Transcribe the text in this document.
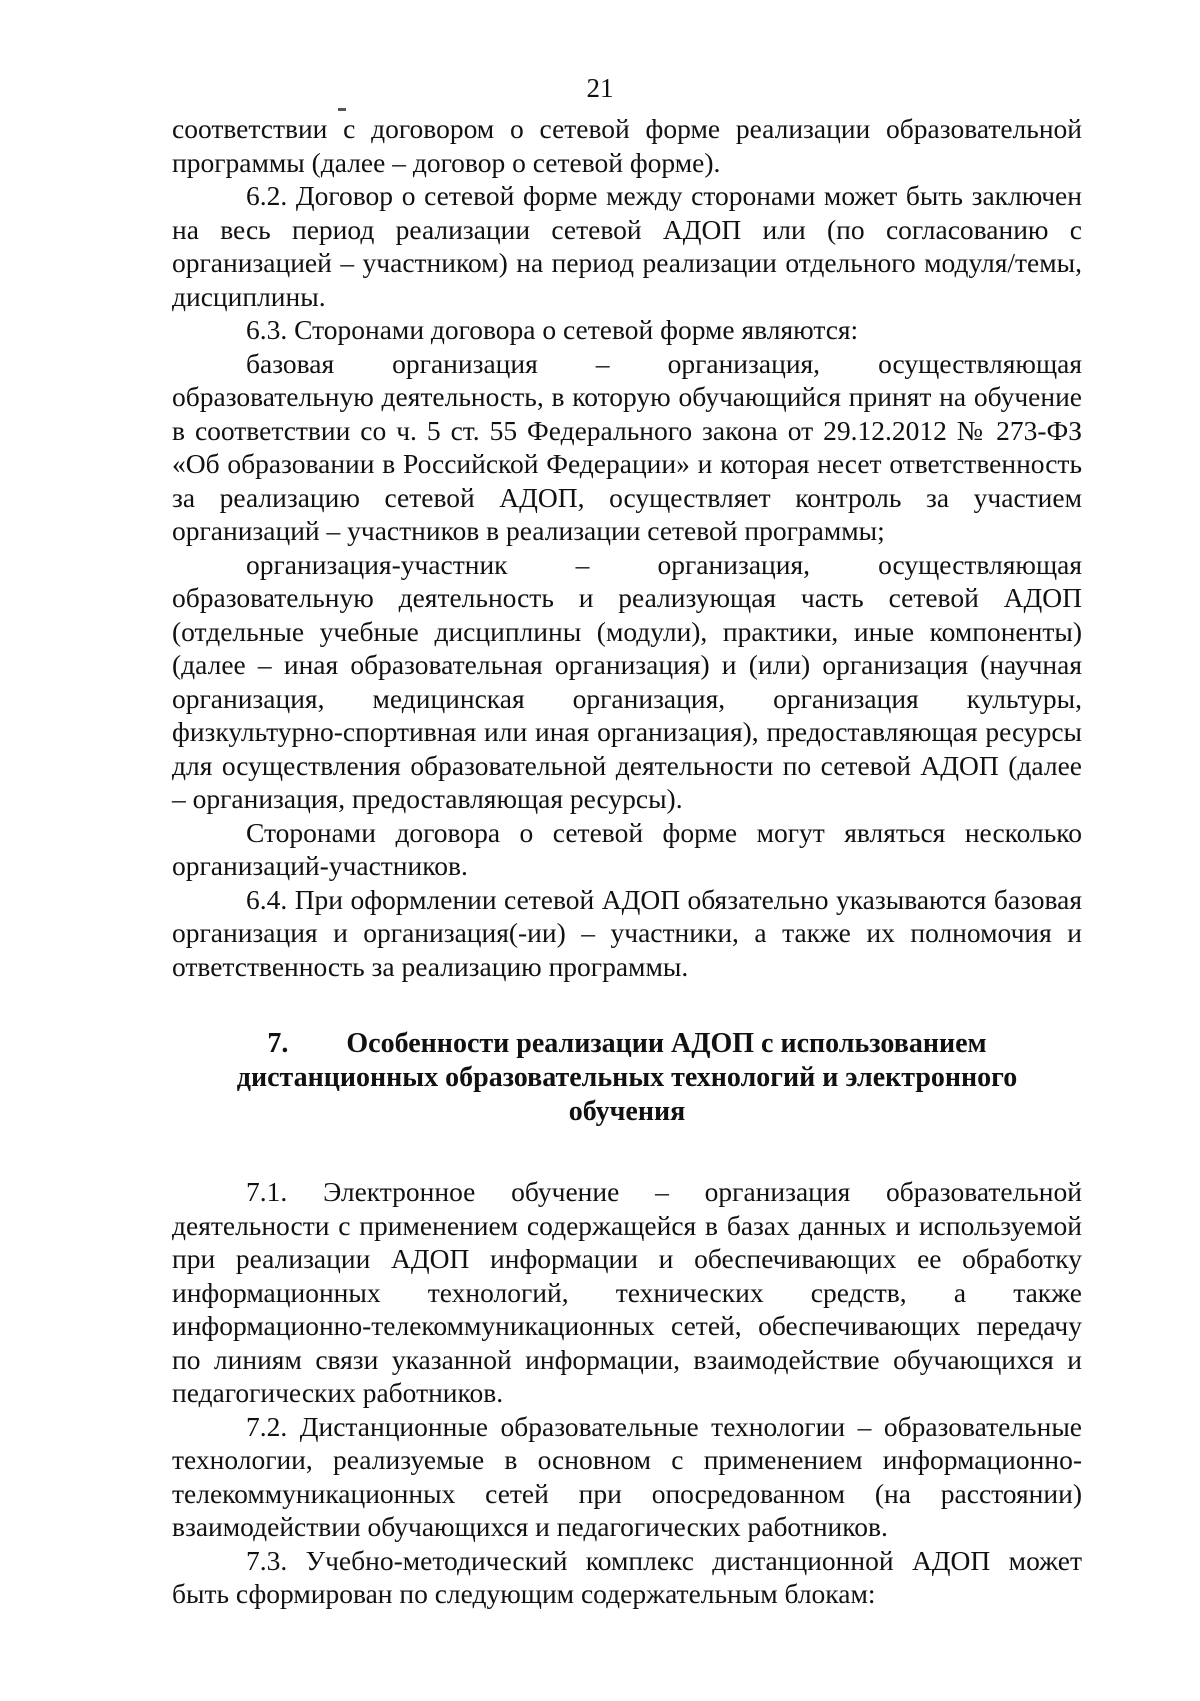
21

соответствии с договором о сетевой форме реализации образовательной программы (далее – договор о сетевой форме).

6.2. Договор о сетевой форме между сторонами может быть заключен на весь период реализации сетевой АДОП или (по согласованию с организацией – участником) на период реализации отдельного модуля/темы, дисциплины.

6.3. Сторонами договора о сетевой форме являются:

базовая организация – организация, осуществляющая образовательную деятельность, в которую обучающийся принят на обучение в соответствии со ч. 5 ст. 55 Федерального закона от 29.12.2012 № 273-ФЗ «Об образовании в Российской Федерации» и которая несет ответственность за реализацию сетевой АДОП, осуществляет контроль за участием организаций – участников в реализации сетевой программы;

организация-участник – организация, осуществляющая образовательную деятельность и реализующая часть сетевой АДОП (отдельные учебные дисциплины (модули), практики, иные компоненты) (далее – иная образовательная организация) и (или) организация (научная организация, медицинская организация, организация культуры, физкультурно-спортивная или иная организация), предоставляющая ресурсы для осуществления образовательной деятельности по сетевой АДОП (далее – организация, предоставляющая ресурсы).

Сторонами договора о сетевой форме могут являться несколько организаций-участников.

6.4. При оформлении сетевой АДОП обязательно указываются базовая организация и организация(-ии) – участники, а также их полномочия и ответственность за реализацию программы.

7. Особенности реализации АДОП с использованием
дистанционных образовательных технологий и электронного
обучения

7.1. Электронное обучение – организация образовательной деятельности с применением содержащейся в базах данных и используемой при реализации АДОП информации и обеспечивающих ее обработку информационных технологий, технических средств, а также информационно-телекоммуникационных сетей, обеспечивающих передачу по линиям связи указанной информации, взаимодействие обучающихся и педагогических работников.

7.2. Дистанционные образовательные технологии – образовательные технологии, реализуемые в основном с применением информационно-телекоммуникационных сетей при опосредованном (на расстоянии) взаимодействии обучающихся и педагогических работников.

7.3. Учебно-методический комплекс дистанционной АДОП может быть сформирован по следующим содержательным блокам:
